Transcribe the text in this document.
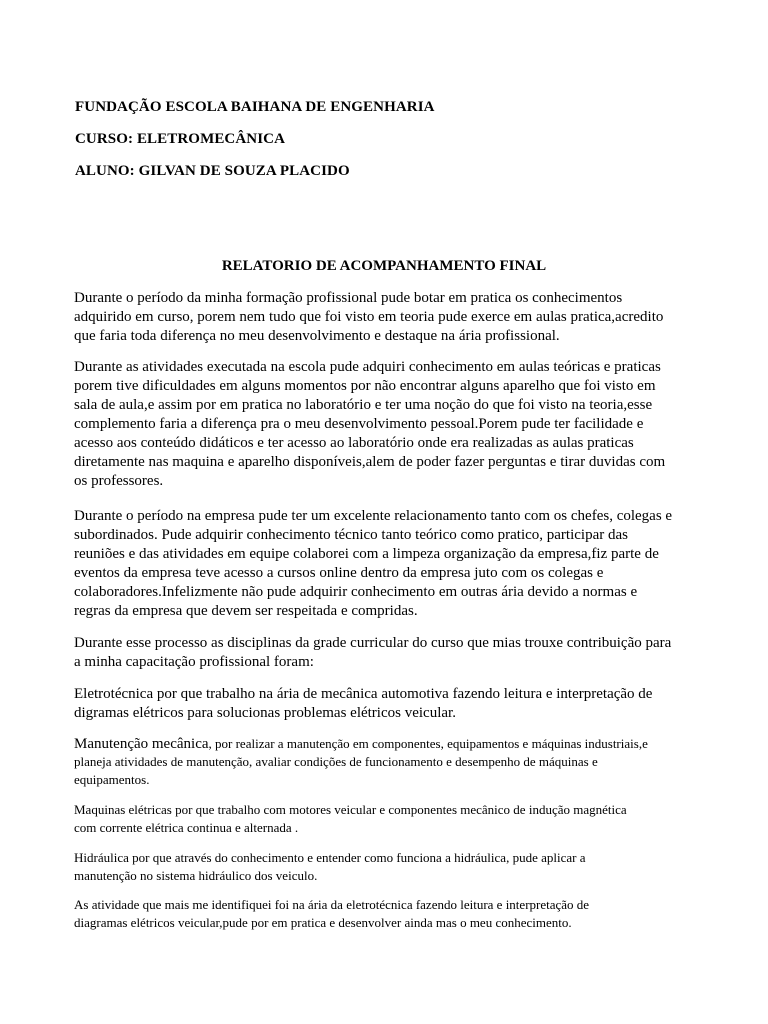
FUNDAÇÃO ESCOLA BAIHANA DE ENGENHARIA
CURSO: ELETROMECÂNICA
ALUNO: GILVAN DE SOUZA PLACIDO
RELATORIO DE ACOMPANHAMENTO FINAL
Durante o período da minha formação profissional pude botar em pratica os conhecimentos
adquirido em curso, porem nem tudo que foi visto em teoria pude exerce em aulas pratica,acredito
que faria toda diferença no meu desenvolvimento e destaque na ária profissional.
Durante as atividades executada na escola pude adquiri conhecimento em aulas teóricas e praticas
porem tive dificuldades em alguns momentos por não encontrar alguns aparelho que foi visto em
sala de aula,e assim por em pratica no laboratório e ter uma noção do que foi visto na teoria,esse
complemento faria a diferença pra o meu desenvolvimento pessoal.Porem pude ter facilidade e
acesso aos conteúdo didáticos e ter acesso ao laboratório onde era realizadas as aulas praticas
diretamente nas maquina e aparelho disponíveis,alem de poder fazer perguntas e tirar duvidas com
os professores.
Durante o período na empresa pude ter um excelente relacionamento tanto com os chefes, colegas e
subordinados. Pude adquirir conhecimento técnico tanto teórico como pratico, participar das
reuniões e das atividades em equipe colaborei com a limpeza organização da empresa,fiz parte de
eventos da empresa teve acesso a cursos online dentro da empresa juto com os colegas e
colaboradores.Infelizmente não pude adquirir conhecimento em outras ária devido a normas e
regras da empresa que devem ser respeitada e compridas.
Durante esse processo as disciplinas da grade curricular do curso que mias trouxe contribuição para
a minha capacitação profissional foram:
Eletrotécnica por que trabalho na ária de mecânica automotiva fazendo leitura e interpretação de
digramas elétricos para solucionas problemas elétricos veicular.
Manutenção mecânica, por realizar a manutenção em componentes, equipamentos e máquinas industriais,e
planeja atividades de manutenção, avaliar condições de funcionamento e desempenho de máquinas e
equipamentos.
Maquinas elétricas por que trabalho com motores veicular e componentes mecânico de indução magnética
com corrente elétrica continua e alternada .
Hidráulica por que através do conhecimento e entender como funciona a hidráulica, pude aplicar a
manutenção no sistema hidráulico dos veiculo.
As atividade que mais me identifiquei foi na ária da eletrotécnica fazendo leitura e interpretação de
diagramas elétricos veicular,pude por em pratica e desenvolver ainda mas o meu conhecimento.
